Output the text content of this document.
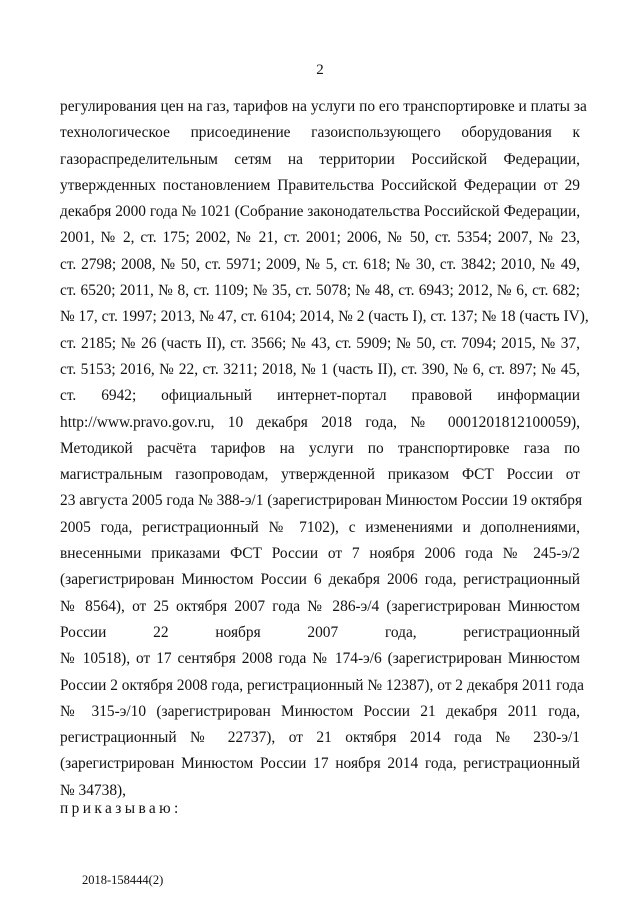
2
регулирования цен на газ, тарифов на услуги по его транспортировке и платы за
технологическое присоединение газоиспользующего оборудования к
газораспределительным сетям на территории Российской Федерации,
утвержденных постановлением Правительства Российской Федерации от 29
декабря 2000 года № 1021 (Собрание законодательства Российской Федерации,
2001, № 2, ст. 175; 2002, № 21, ст. 2001; 2006, № 50, ст. 5354; 2007, № 23,
ст. 2798; 2008, № 50, ст. 5971; 2009, № 5, ст. 618; № 30, ст. 3842; 2010, № 49,
ст. 6520; 2011, № 8, ст. 1109; № 35, ст. 5078; № 48, ст. 6943; 2012, № 6, ст. 682;
№ 17, ст. 1997; 2013, № 47, ст. 6104; 2014, № 2 (часть I), ст. 137; № 18 (часть IV),
ст. 2185; № 26 (часть II), ст. 3566; № 43, ст. 5909; № 50, ст. 7094; 2015, № 37,
ст. 5153; 2016, № 22, ст. 3211; 2018, № 1 (часть II), ст. 390, № 6, ст. 897; № 45,
ст. 6942; официальный интернет-портал правовой информации
http://www.pravo.gov.ru, 10 декабря 2018 года, № 0001201812100059),
Методикой расчёта тарифов на услуги по транспортировке газа по
магистральным газопроводам, утвержденной приказом ФСТ России от
23 августа 2005 года № 388-э/1 (зарегистрирован Минюстом России 19 октября
2005 года, регистрационный № 7102), с изменениями и дополнениями,
внесенными приказами ФСТ России от 7 ноября 2006 года № 245-э/2
(зарегистрирован Минюстом России 6 декабря 2006 года, регистрационный
№ 8564), от 25 октября 2007 года № 286-э/4 (зарегистрирован Минюстом
России 22 ноября 2007 года, регистрационный
№ 10518), от 17 сентября 2008 года № 174-э/6 (зарегистрирован Минюстом
России 2 октября 2008 года, регистрационный № 12387), от 2 декабря 2011 года
№ 315-э/10 (зарегистрирован Минюстом России 21 декабря 2011 года,
регистрационный № 22737), от 21 октября 2014 года № 230-э/1
(зарегистрирован Минюстом России 17 ноября 2014 года, регистрационный
№ 34738),
приказываю:
2018-158444(2)
